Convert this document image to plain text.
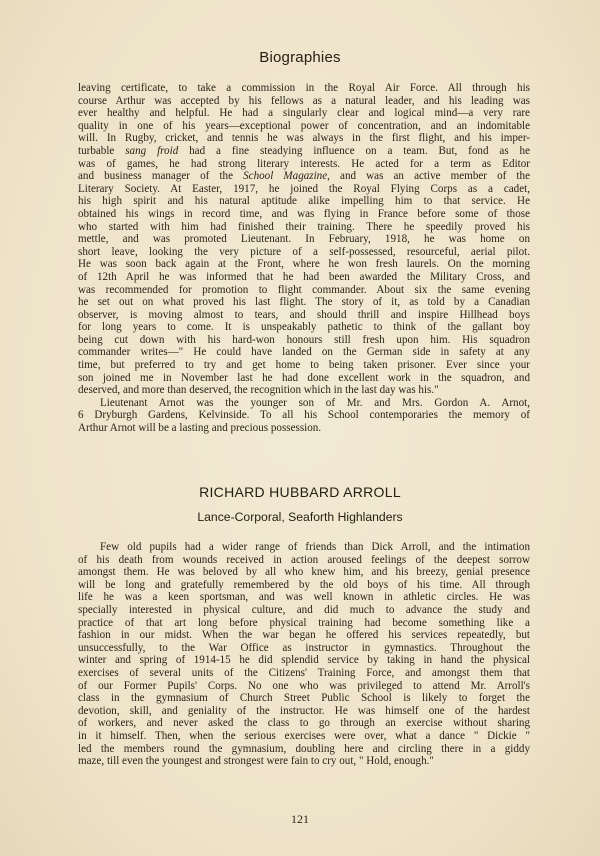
Biographies

leaving certificate, to take a commission in the Royal Air Force. All through his
course Arthur was accepted by his fellows as a natural leader, and his leading was
ever healthy and helpful. He had a singularly clear and logical mind—a very rare
quality in one of his years—exceptional power of concentration, and an indomitable
will. In Rugby, cricket, and tennis he was always in the first flight, and his imper-
turbable sang froid had a fine steadying influence on a team. But, fond as he
was of games, he had strong literary interests. He acted for a term as Editor
and business manager of the School Magazine, and was an active member of the
Literary Society. At Easter, 1917, he joined the Royal Flying Corps as a cadet,
his high spirit and his natural aptitude alike impelling him to that service. He
obtained his wings in record time, and was flying in France before some of those
who started with him had finished their training. There he speedily proved his
mettle, and was promoted Lieutenant. In February, 1918, he was home on
short leave, looking the very picture of a self-possessed, resourceful, aerial pilot.
He was soon back again at the Front, where he won fresh laurels. On the morning
of 12th April he was informed that he had been awarded the Military Cross, and
was recommended for promotion to flight commander. About six the same evening
he set out on what proved his last flight. The story of it, as told by a Canadian
observer, is moving almost to tears, and should thrill and inspire Hillhead boys
for long years to come. It is unspeakably pathetic to think of the gallant boy
being cut down with his hard-won honours still fresh upon him. His squadron
commander writes—" He could have landed on the German side in safety at any
time, but preferred to try and get home to being taken prisoner. Ever since your
son joined me in November last he had done excellent work in the squadron, and
deserved, and more than deserved, the recognition which in the last day was his."

Lieutenant Arnot was the younger son of Mr. and Mrs. Gordon A. Arnot,
6 Dryburgh Gardens, Kelvinside. To all his School contemporaries the memory of
Arthur Arnot will be a lasting and precious possession.

RICHARD HUBBARD ARROLL
Lance-Corporal, Seaforth Highlanders

Few old pupils had a wider range of friends than Dick Arroll, and the intimation
of his death from wounds received in action aroused feelings of the deepest sorrow
amongst them. He was beloved by all who knew him, and his breezy, genial presence
will be long and gratefully remembered by the old boys of his time. All through
life he was a keen sportsman, and was well known in athletic circles. He was
specially interested in physical culture, and did much to advance the study and
practice of that art long before physical training had become something like a
fashion in our midst. When the war began he offered his services repeatedly, but
unsuccessfully, to the War Office as instructor in gymnastics. Throughout the
winter and spring of 1914-15 he did splendid service by taking in hand the physical
exercises of several units of the Citizens' Training Force, and amongst them that
of our Former Pupils' Corps. No one who was privileged to attend Mr. Arroll's
class in the gymnasium of Church Street Public School is likely to forget the
devotion, skill, and geniality of the instructor. He was himself one of the hardest
of workers, and never asked the class to go through an exercise without sharing
in it himself. Then, when the serious exercises were over, what a dance " Dickie "
led the members round the gymnasium, doubling here and circling there in a giddy
maze, till even the youngest and strongest were fain to cry out, " Hold, enough."

121
